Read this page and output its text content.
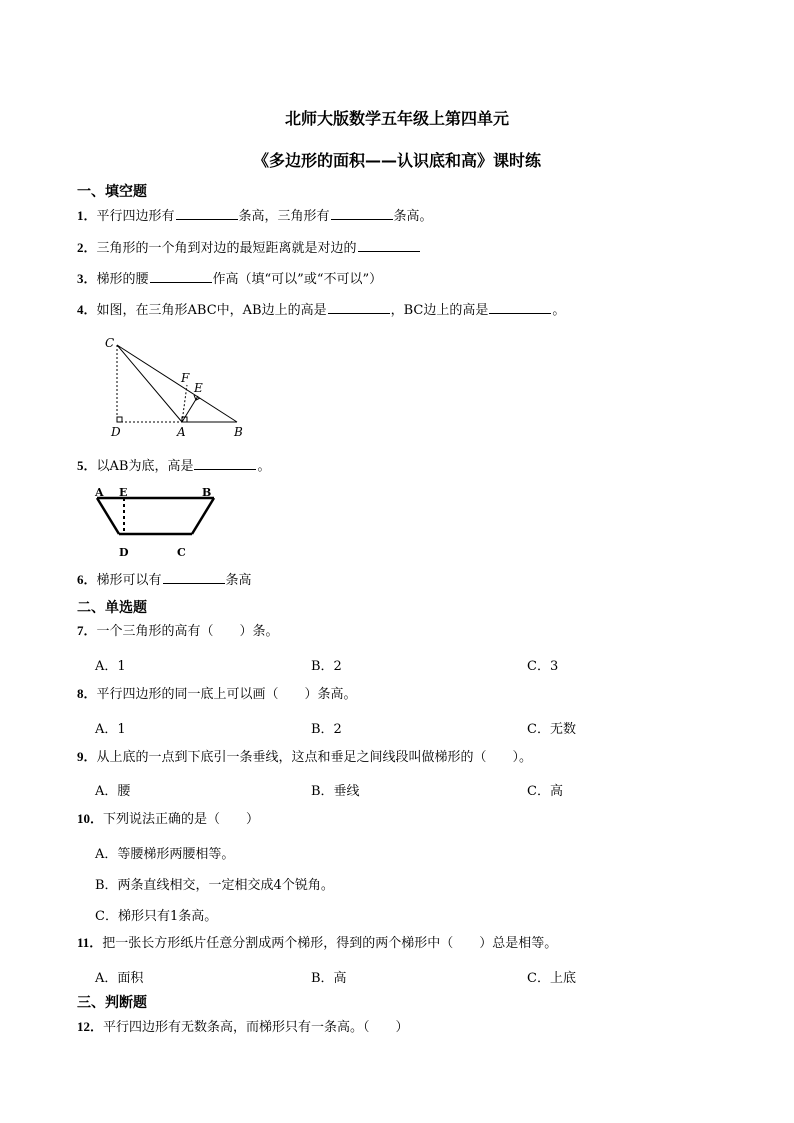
北师大版数学五年级上第四单元
《多边形的面积——认识底和高》课时练
一、填空题
1．平行四边形有	条高，三角形有	条高。
2．三角形的一个角到对边的最短距离就是对边的
3．梯形的腰	作高（填“可以”或“不可以”）
4．如图，在三角形ABC中，AB边上的高是	，BC边上的高是	。
C
F
E
D	A	B
5．以AB为底，高是	。
A E	B
D	C
6．梯形可以有	条高
二、单选题
7．一个三角形的高有（　　）条。
A．1	B．2	C．3
8．平行四边形的同一底上可以画（　　）条高。
A．1	B．2	C．无数
9．从上底的一点到下底引一条垂线，这点和垂足之间线段叫做梯形的（　　）。
A．腰	B．垂线	C．高
10．下列说法正确的是（　　）
A．等腰梯形两腰相等。
B．两条直线相交，一定相交成4个锐角。
C．梯形只有1条高。
11．把一张长方形纸片任意分割成两个梯形，得到的两个梯形中（　　）总是相等。
A．面积	B．高	C．上底
三、判断题
12．平行四边形有无数条高，而梯形只有一条高。（　　）
